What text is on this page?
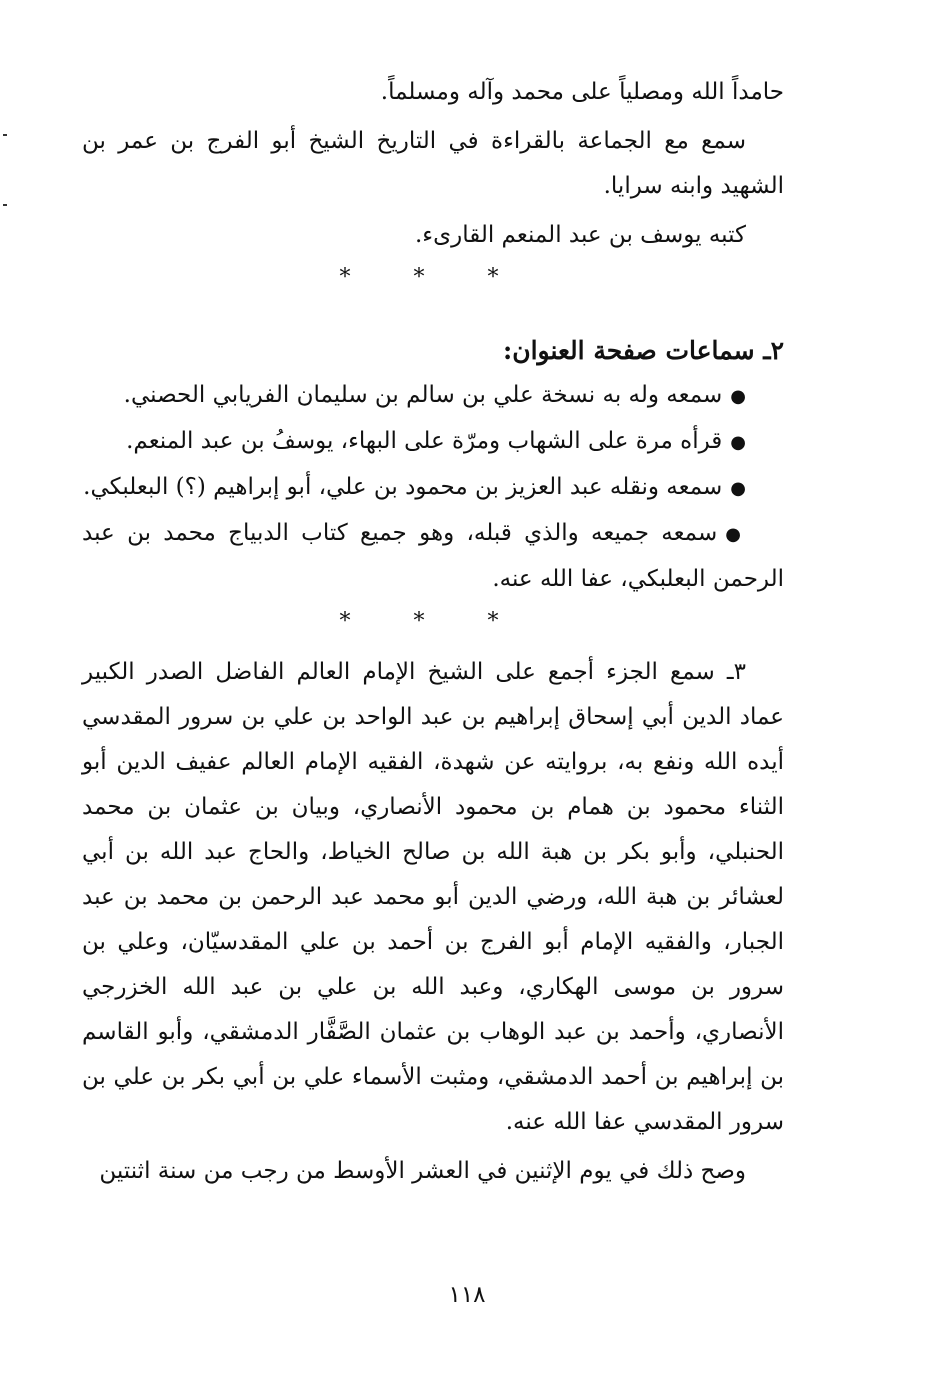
حامداً الله ومصلياً على محمد وآله ومسلماً.

سمع مع الجماعة بالقراءة في التاريخ الشيخ أبو الفرج بن عمر بن الشهيد وابنه سرايا.

كتبه يوسف بن عبد المنعم القارىء.

* * *

٢ـ سماعات صفحة العنوان:

● سمعه وله به نسخة علي بن سالم بن سليمان الفريابي الحصني.

● قرأه مرة على الشهاب ومرّة على البهاء، يوسفُ بن عبد المنعم.

● سمعه ونقله عبد العزيز بن محمود بن علي، أبو إبراهيم (؟) البعلبكي.

● سمعه جميعه والذي قبله، وهو جميع كتاب الدبياج محمد بن عبد الرحمن البعلبكي، عفا الله عنه.

* * *

٣ـ سمع الجزء أجمع على الشيخ الإمام العالم الفاضل الصدر الكبير عماد الدين أبي إسحاق إبراهيم بن عبد الواحد بن علي بن سرور المقدسي أيده الله ونفع به، بروايته عن شهدة، الفقيه الإمام العالم عفيف الدين أبو الثناء محمود بن همام بن محمود الأنصاري، وبيان بن عثمان بن محمد الحنبلي، وأبو بكر بن هبة الله بن صالح الخياط، والحاج عبد الله بن أبي لعشائر بن هبة الله، ورضي الدين أبو محمد عبد الرحمن بن محمد بن عبد الجبار، والفقيه الإمام أبو الفرج بن أحمد بن علي المقدسيّان، وعلي بن سرور بن موسى الهكاري، وعبد الله بن علي بن عبد الله الخزرجي الأنصاري، وأحمد بن عبد الوهاب بن عثمان الصَّفَّار الدمشقي، وأبو القاسم بن إبراهيم بن أحمد الدمشقي، ومثبت الأسماء علي بن أبي بكر بن علي بن سرور المقدسي عفا الله عنه.

وصح ذلك في يوم الإثنين في العشر الأوسط من رجب من سنة اثنتين

١١٨
